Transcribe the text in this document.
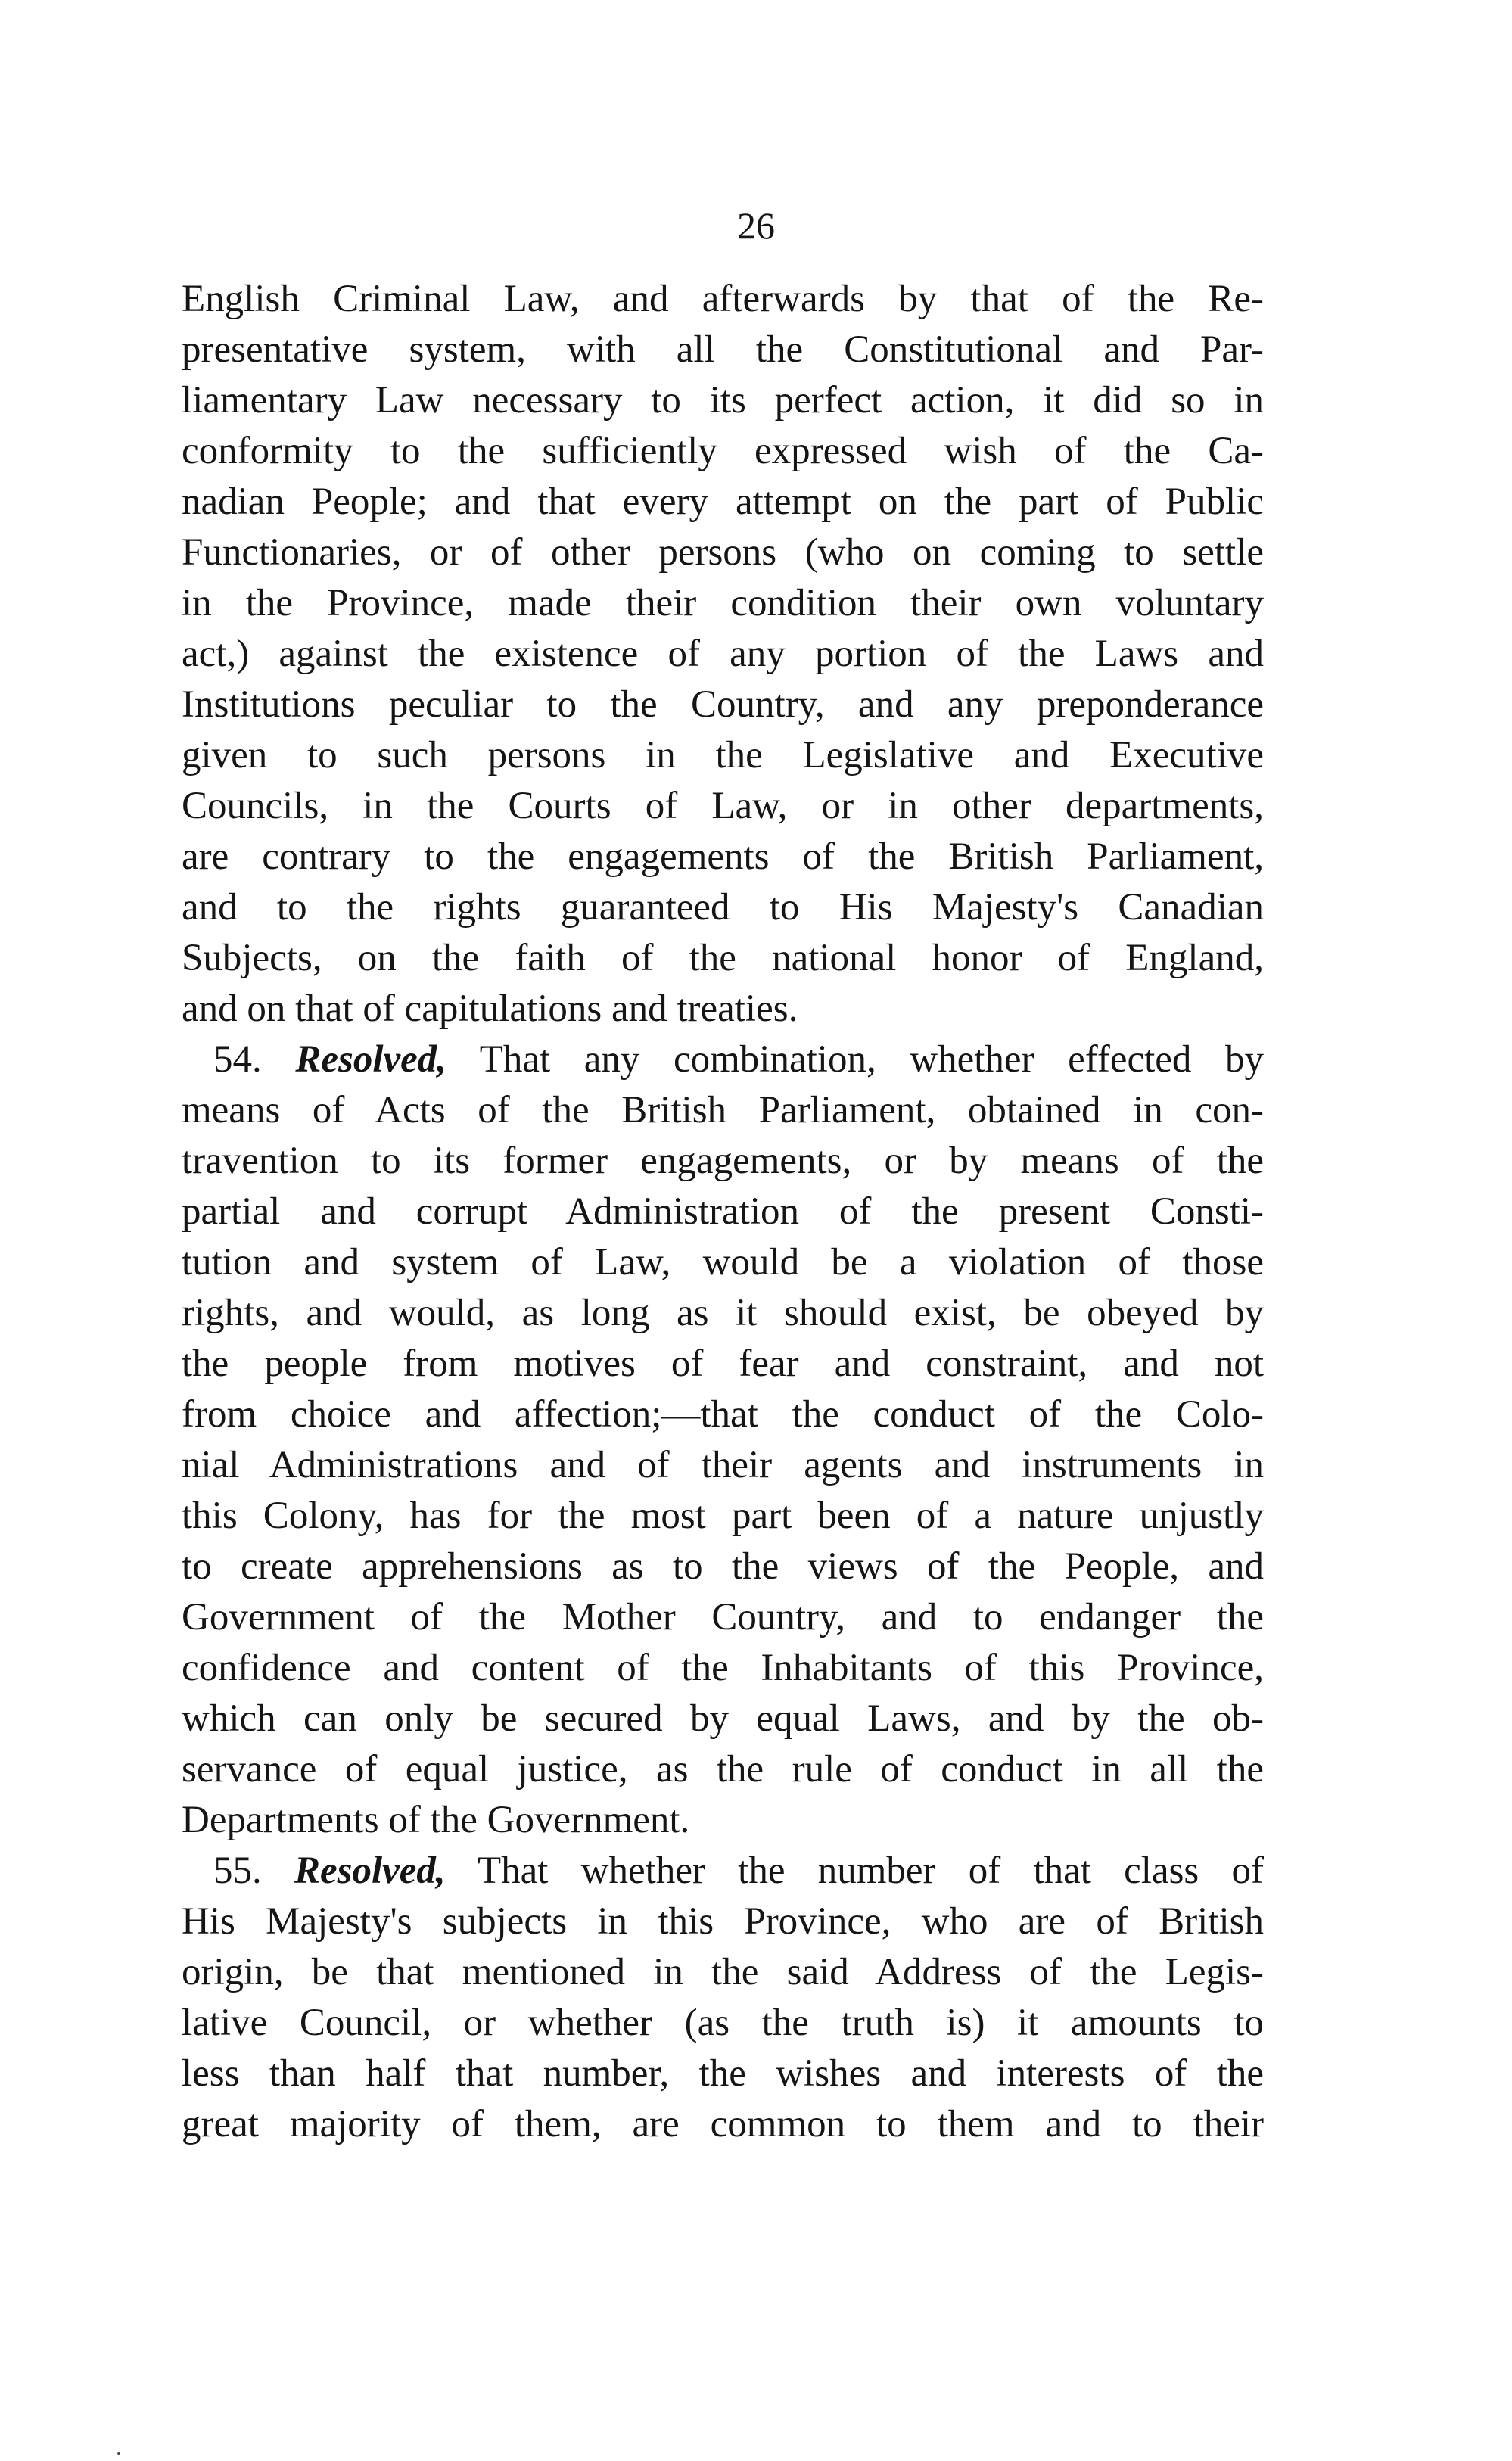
26
English Criminal Law, and afterwards by that of the Re-
presentative system, with all the Constitutional and Par-
liamentary Law necessary to its perfect action, it did so in
conformity to the sufficiently expressed wish of the Ca-
nadian People; and that every attempt on the part of Public
Functionaries, or of other persons (who on coming to settle
in the Province, made their condition their own voluntary
act,) against the existence of any portion of the Laws and
Institutions peculiar to the Country, and any preponderance
given to such persons in the Legislative and Executive
Councils, in the Courts of Law, or in other departments,
are contrary to the engagements of the British Parliament,
and to the rights guaranteed to His Majesty's Canadian
Subjects, on the faith of the national honor of England,
and on that of capitulations and treaties.
54. Resolved, That any combination, whether effected by
means of Acts of the British Parliament, obtained in con-
travention to its former engagements, or by means of the
partial and corrupt Administration of the present Consti-
tution and system of Law, would be a violation of those
rights, and would, as long as it should exist, be obeyed by
the people from motives of fear and constraint, and not
from choice and affection;—that the conduct of the Colo-
nial Administrations and of their agents and instruments in
this Colony, has for the most part been of a nature unjustly
to create apprehensions as to the views of the People, and
Government of the Mother Country, and to endanger the
confidence and content of the Inhabitants of this Province,
which can only be secured by equal Laws, and by the ob-
servance of equal justice, as the rule of conduct in all the
Departments of the Government.
55. Resolved, That whether the number of that class of
His Majesty's subjects in this Province, who are of British
origin, be that mentioned in the said Address of the Legis-
lative Council, or whether (as the truth is) it amounts to
less than half that number, the wishes and interests of the
great majority of them, are common to them and to their
